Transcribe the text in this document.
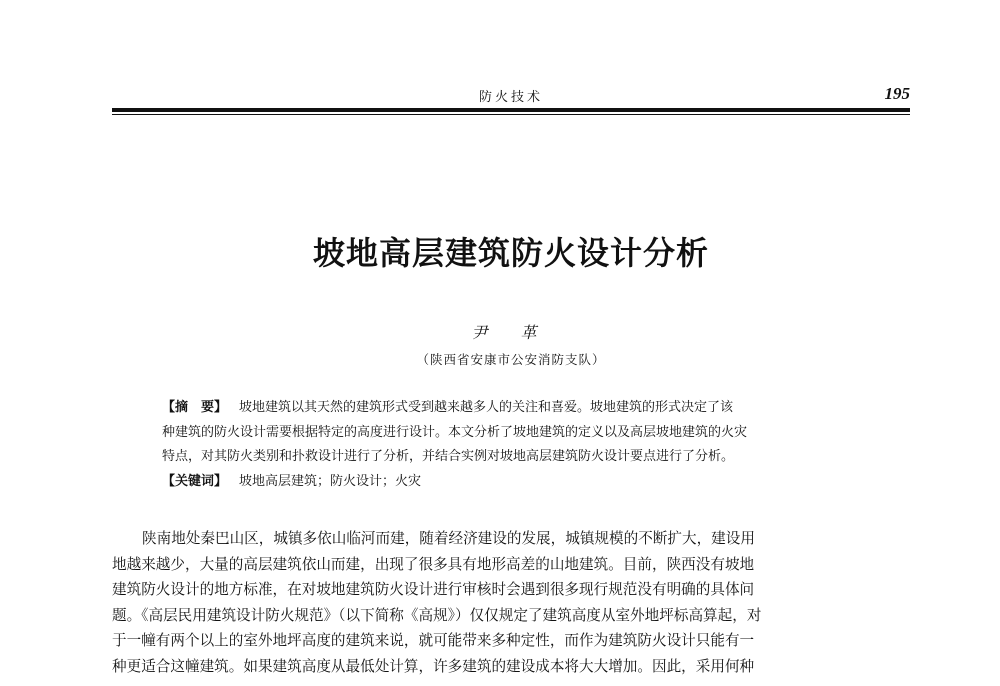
防火技术	195
坡地高层建筑防火设计分析
尹 革
（陕西省安康市公安消防支队）
【摘　要】 坡地建筑以其天然的建筑形式受到越来越多人的关注和喜爱。坡地建筑的形式决定了该
种建筑的防火设计需要根据特定的高度进行设计。本文分析了坡地建筑的定义以及高层坡地建筑的火灾
特点，对其防火类别和扑救设计进行了分析，并结合实例对坡地高层建筑防火设计要点进行了分析。
【关键词】 坡地高层建筑；防火设计；火灾
陕南地处秦巴山区，城镇多依山临河而建，随着经济建设的发展，城镇规模的不断扩大，建设用
地越来越少，大量的高层建筑依山而建，出现了很多具有地形高差的山地建筑。目前，陕西没有坡地
建筑防火设计的地方标准，在对坡地建筑防火设计进行审核时会遇到很多现行规范没有明确的具体问
题。《高层民用建筑设计防火规范》（以下简称《高规》）仅仅规定了建筑高度从室外地坪标高算起，对
于一幢有两个以上的室外地坪高度的建筑来说，就可能带来多种定性，而作为建筑防火设计只能有一
种更适合这幢建筑。如果建筑高度从最低处计算，许多建筑的建设成本将大大增加。因此，采用何种
